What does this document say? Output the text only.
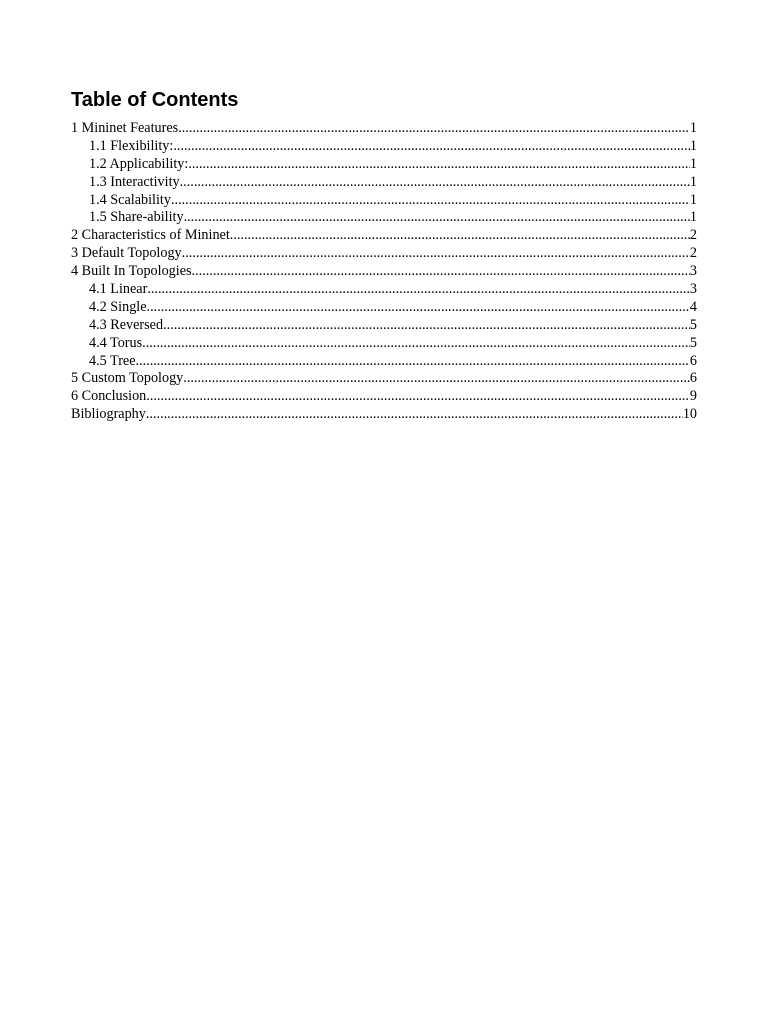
Table of Contents
1 Mininet Features .....	1
1.1 Flexibility: .....	1
1.2 Applicability: .....	1
1.3 Interactivity .....	1
1.4 Scalability .....	1
1.5 Share-ability .....	1
2 Characteristics of Mininet .....	2
3 Default Topology .....	2
4 Built In Topologies .....	3
4.1 Linear .....	3
4.2 Single .....	4
4.3 Reversed .....	5
4.4 Torus .....	5
4.5 Tree .....	6
5 Custom Topology .....	6
6 Conclusion .....	9
Bibliography .....	10
